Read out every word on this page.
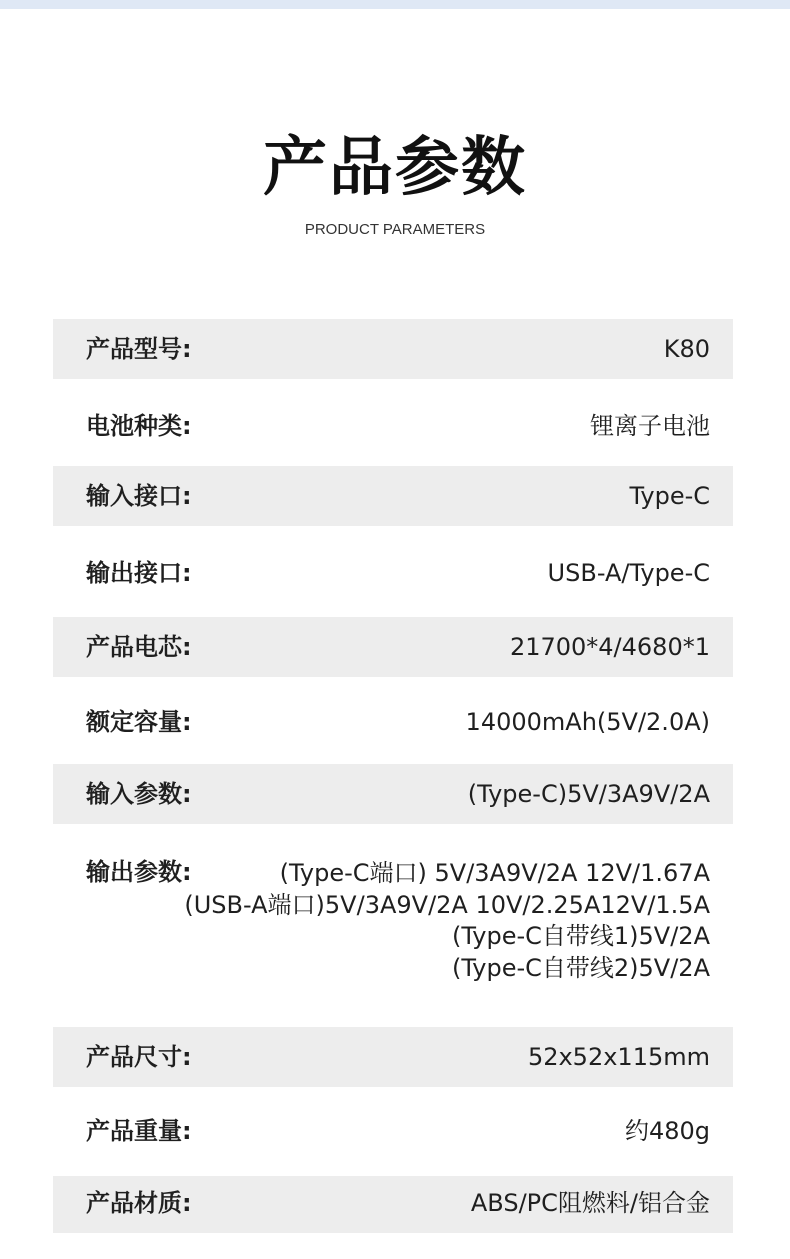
产品参数
PRODUCT PARAMETERS
产品型号:	K80
电池种类:	锂离子电池
输入接口:	Type-C
输出接口:	USB-A/Type-C
产品电芯:	21700*4/4680*1
额定容量:	14000mAh(5V/2.0A)
输入参数:	(Type-C)5V/3A9V/2A
输出参数:	(Type-C端口) 5V/3A9V/2A 12V/1.67A
(USB-A端口)5V/3A9V/2A 10V/2.25A12V/1.5A
(Type-C自带线1)5V/2A
(Type-C自带线2)5V/2A
产品尺寸:	52x52x115mm
产品重量:	约480g
产品材质:	ABS/PC阻燃料/铝合金
